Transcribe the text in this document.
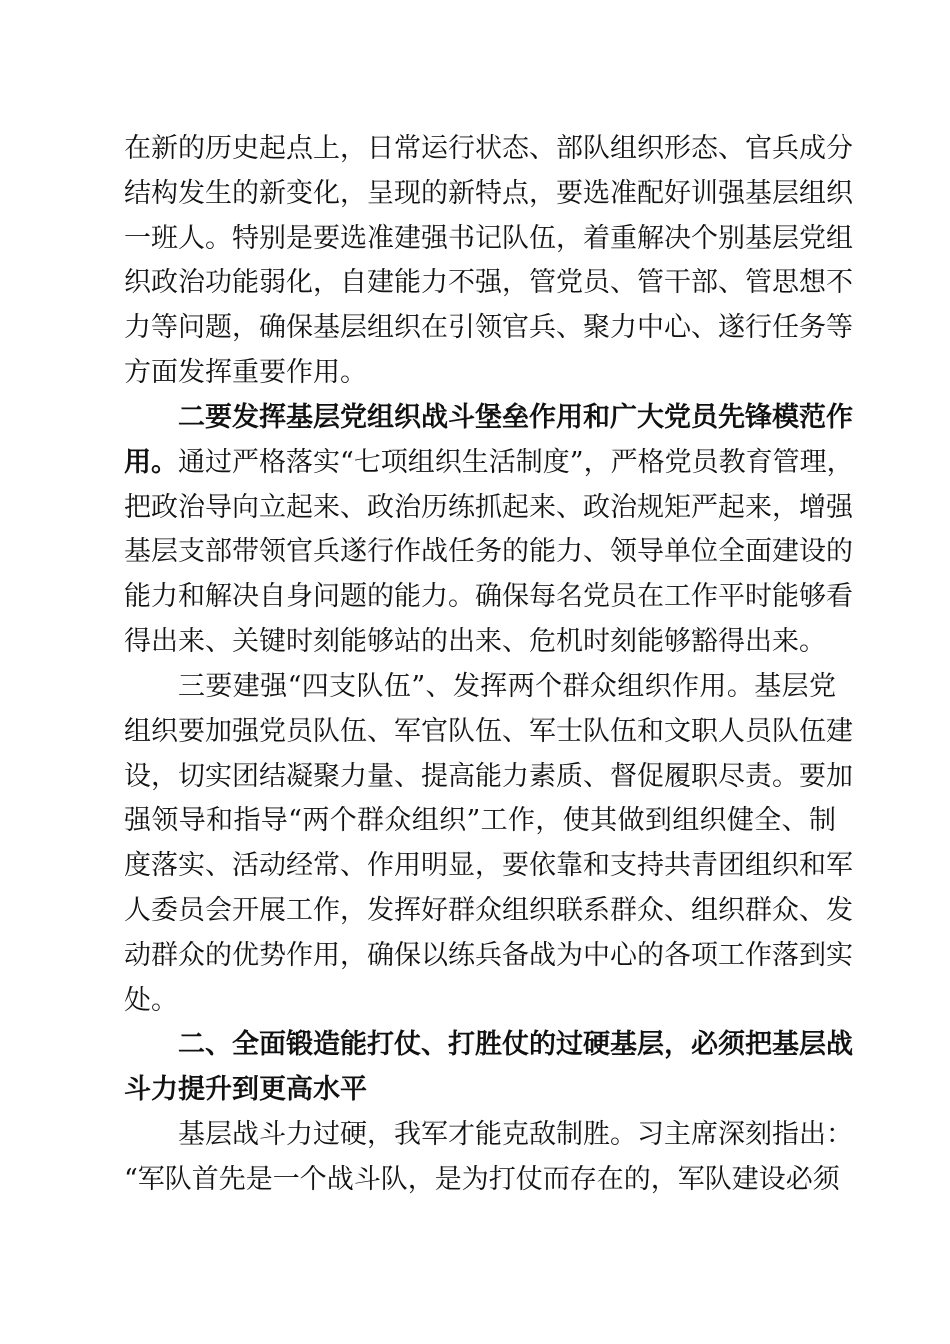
在新的历史起点上，日常运行状态、部队组织形态、官兵成分
结构发生的新变化，呈现的新特点，要选准配好训强基层组织
一班人。特别是要选准建强书记队伍，着重解决个别基层党组
织政治功能弱化，自建能力不强，管党员、管干部、管思想不
力等问题，确保基层组织在引领官兵、聚力中心、遂行任务等
方面发挥重要作用。
二要发挥基层党组织战斗堡垒作用和广大党员先锋模范作
用。通过严格落实“七项组织生活制度”，严格党员教育管理，
把政治导向立起来、政治历练抓起来、政治规矩严起来，增强
基层支部带领官兵遂行作战任务的能力、领导单位全面建设的
能力和解决自身问题的能力。确保每名党员在工作平时能够看
得出来、关键时刻能够站的出来、危机时刻能够豁得出来。
三要建强“四支队伍”、发挥两个群众组织作用。基层党
组织要加强党员队伍、军官队伍、军士队伍和文职人员队伍建
设，切实团结凝聚力量、提高能力素质、督促履职尽责。要加
强领导和指导“两个群众组织”工作，使其做到组织健全、制
度落实、活动经常、作用明显，要依靠和支持共青团组织和军
人委员会开展工作，发挥好群众组织联系群众、组织群众、发
动群众的优势作用，确保以练兵备战为中心的各项工作落到实
处。
二、全面锻造能打仗、打胜仗的过硬基层，必须把基层战
斗力提升到更高水平
基层战斗力过硬，我军才能克敌制胜。习主席深刻指出：
“军队首先是一个战斗队，是为打仗而存在的，军队建设必须
